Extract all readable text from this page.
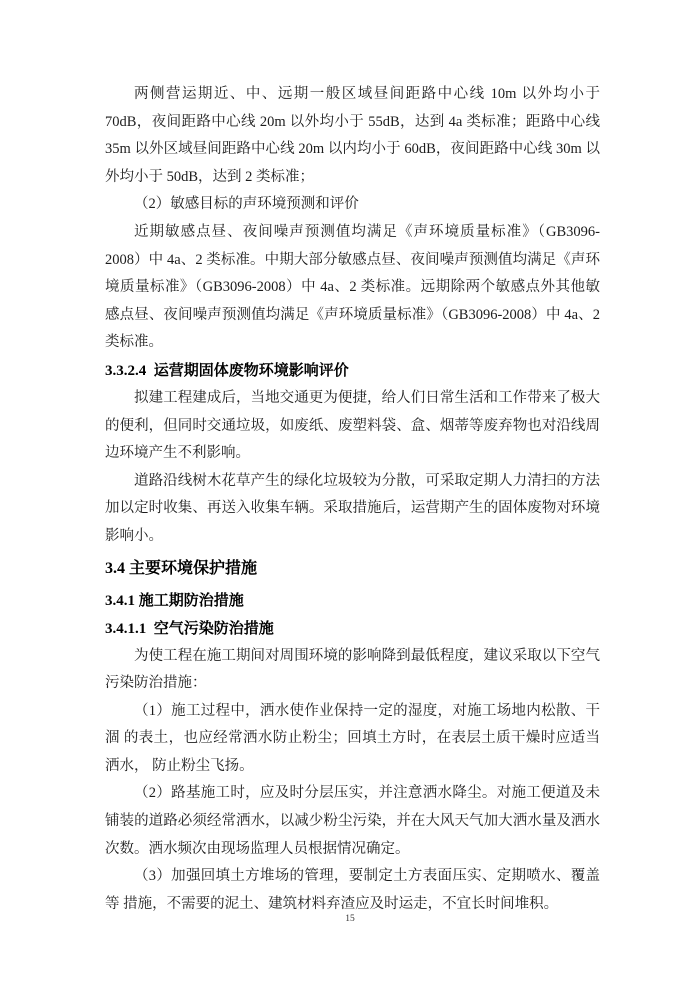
两侧营运期近、中、远期一般区域昼间距路中心线 10m 以外均小于 70dB，夜间距路中心线 20m 以外均小于 55dB，达到 4a 类标准；距路中心线 35m 以外区域昼间距路中心线 20m 以内均小于 60dB，夜间距路中心线 30m 以外均小于 50dB，达到 2 类标准；

（2）敏感目标的声环境预测和评价

近期敏感点昼、夜间噪声预测值均满足《声环境质量标准》（GB3096-2008）中 4a、2 类标准。中期大部分敏感点昼、夜间噪声预测值均满足《声环境质量标准》（GB3096-2008）中 4a、2 类标准。远期除两个敏感点外其他敏感点昼、夜间噪声预测值均满足《声环境质量标准》（GB3096-2008）中 4a、2 类标准。

3.3.2.4  运营期固体废物环境影响评价

拟建工程建成后，当地交通更为便捷，给人们日常生活和工作带来了极大的便利，但同时交通垃圾，如废纸、废塑料袋、盒、烟蒂等废弃物也对沿线周边环境产生不利影响。

道路沿线树木花草产生的绿化垃圾较为分散，可采取定期人力清扫的方法加以定时收集、再送入收集车辆。采取措施后，运营期产生的固体废物对环境影响小。

3.4 主要环境保护措施
3.4.1 施工期防治措施
3.4.1.1  空气污染防治措施

为使工程在施工期间对周围环境的影响降到最低程度，建议采取以下空气污染防治措施：

（1）施工过程中，洒水使作业保持一定的湿度，对施工场地内松散、干涸 的表土，也应经常洒水防止粉尘；回填土方时，在表层土质干燥时应适当洒水， 防止粉尘飞扬。

（2）路基施工时，应及时分层压实，并注意洒水降尘。对施工便道及未铺装的道路必须经常洒水，以减少粉尘污染，并在大风天气加大洒水量及洒水次数。洒水频次由现场监理人员根据情况确定。

（3）加强回填土方堆场的管理，要制定土方表面压实、定期喷水、覆盖等 措施，不需要的泥土、建筑材料弃渣应及时运走，不宜长时间堆积。

15
